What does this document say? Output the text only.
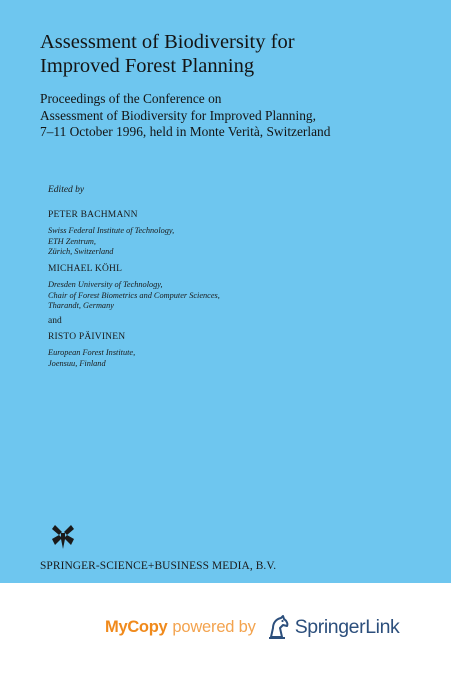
Assessment of Biodiversity for
Improved Forest Planning
Proceedings of the Conference on
Assessment of Biodiversity for Improved Planning,
7–11 October 1996, held in Monte Verità, Switzerland
Edited by
PETER BACHMANN
Swiss Federal Institute of Technology,
ETH Zentrum,
Zürich, Switzerland
MICHAEL KÖHL
Dresden University of Technology,
Chair of Forest Biometrics and Computer Sciences,
Tharandt, Germany
and
RISTO PÄIVINEN
European Forest Institute,
Joensuu, Finland
SPRINGER-SCIENCE+BUSINESS MEDIA, B.V.
MyCopy powered by SpringerLink
